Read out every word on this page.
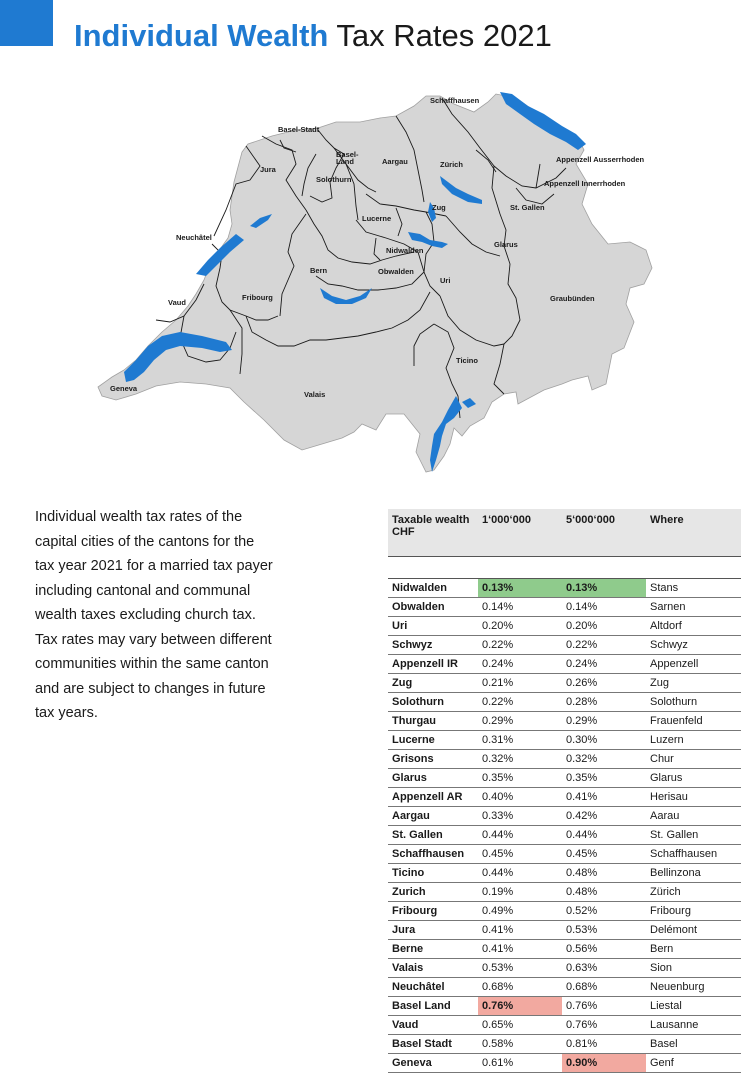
Individual Wealth Tax Rates 2021
Schaffhausen
Basel-Stadt
Basel-
Land	Aargau	Zürich
Jura
Solothurn
Appenzell Ausserrhoden
Appenzell Innerrhoden
Zug	St. Gallen
Lucerne
Neuchâtel
Nidwalden
Glarus
Bern	Obwalden
Uri
Vaud
Fribourg	Graubünden
Ticino
Geneva
Valais

Individual wealth tax rates of the capital cities of the cantons for the tax year 2021 for a married tax payer including cantonal and communal wealth taxes excluding church tax. Tax rates may vary between different communities within the same canton and are subject to changes in future tax years.

Taxable wealth CHF	1‘000‘000	5‘000‘000	Where

Nidwalden	0.13%	0.13%	Stans
Obwalden	0.14%	0.14%	Sarnen
Uri	0.20%	0.20%	Altdorf
Schwyz	0.22%	0.22%	Schwyz
Appenzell IR	0.24%	0.24%	Appenzell
Zug	0.21%	0.26%	Zug
Solothurn	0.22%	0.28%	Solothurn
Thurgau	0.29%	0.29%	Frauenfeld
Lucerne	0.31%	0.30%	Luzern
Grisons	0.32%	0.32%	Chur
Glarus	0.35%	0.35%	Glarus
Appenzell AR	0.40%	0.41%	Herisau
Aargau	0.33%	0.42%	Aarau
St. Gallen	0.44%	0.44%	St. Gallen
Schaffhausen	0.45%	0.45%	Schaffhausen
Ticino	0.44%	0.48%	Bellinzona
Zurich	0.19%	0.48%	Zürich
Fribourg	0.49%	0.52%	Fribourg
Jura	0.41%	0.53%	Delémont
Berne	0.41%	0.56%	Bern
Valais	0.53%	0.63%	Sion
Neuchâtel	0.68%	0.68%	Neuenburg
Basel Land	0.76%	0.76%	Liestal
Vaud	0.65%	0.76%	Lausanne
Basel Stadt	0.58%	0.81%	Basel
Geneva	0.61%	0.90%	Genf
